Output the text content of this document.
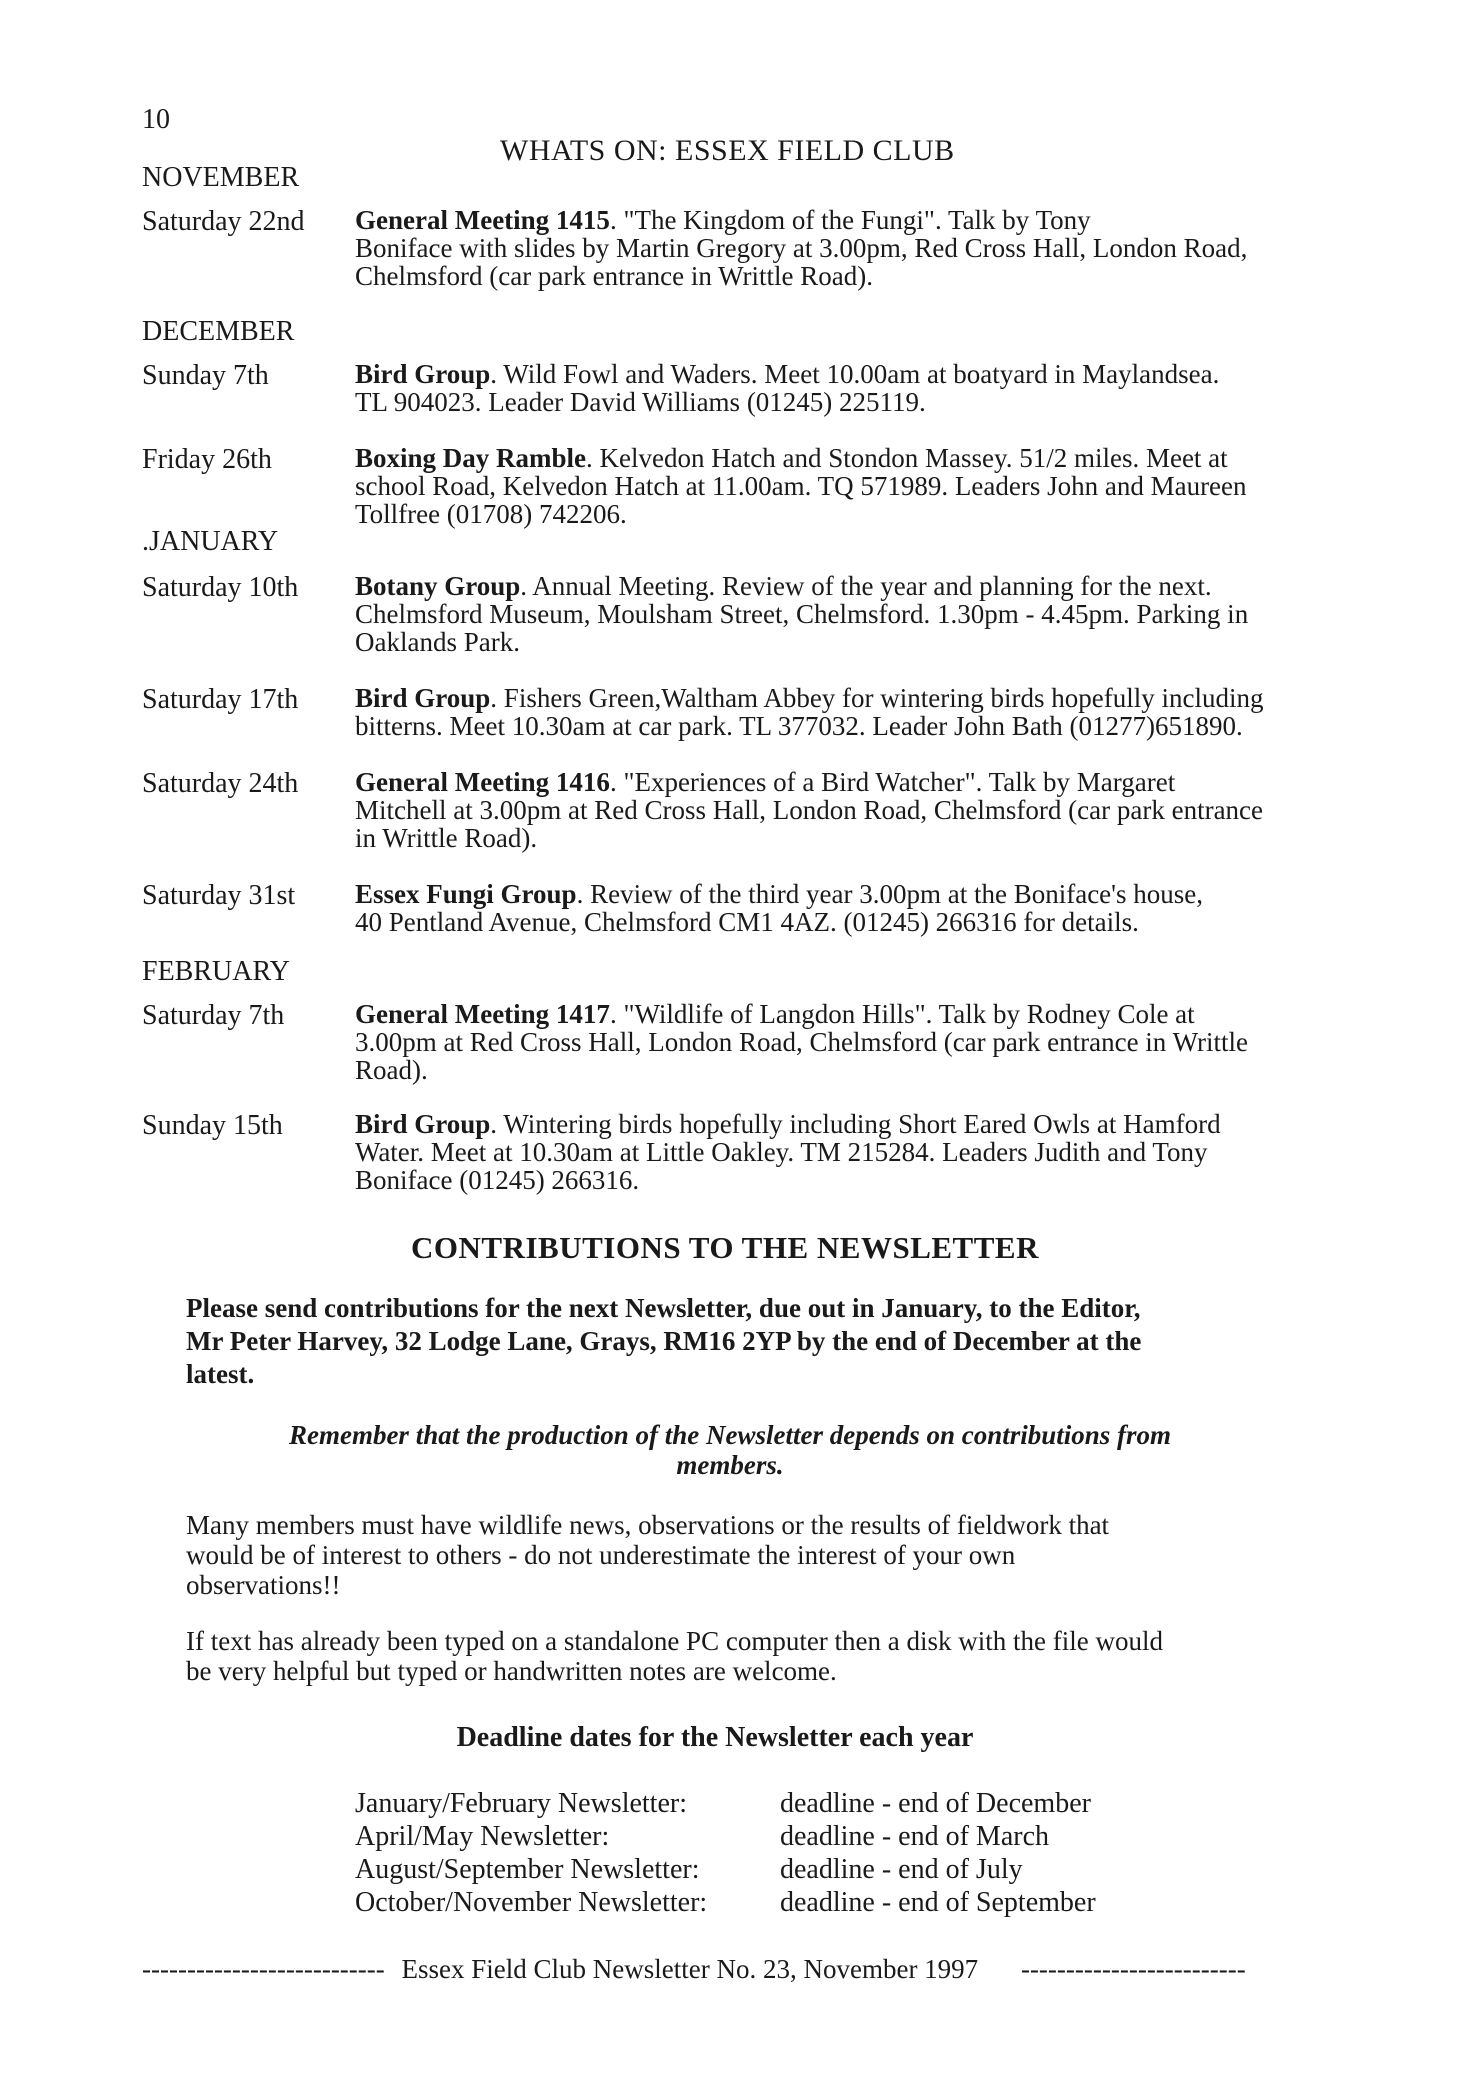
10
WHATS ON: ESSEX FIELD CLUB
NOVEMBER
DECEMBER
.JANUARY
FEBRUARY
Saturday 22nd General Meeting 1415. "The Kingdom of the Fungi". Talk by Tony
Boniface with slides by Martin Gregory at 3.00pm, Red Cross Hall, London Road,
Chelmsford (car park entrance in Writtle Road).
Sunday 7th	Bird Group. Wild Fowl and Waders. Meet 10.00am at boatyard in Maylandsea.
TL 904023. Leader David Williams (01245) 225119.
Friday 26th	Boxing Day Ramble. Kelvedon Hatch and Stondon Massey. 51/2 miles. Meet at
school Road, Kelvedon Hatch at 11.00am. TQ 571989. Leaders John and Maureen
Tollfree (01708) 742206.
Saturday 10th Botany Group. Annual Meeting. Review of the year and planning for the next.
Chelmsford Museum, Moulsham Street, Chelmsford. 1.30pm - 4.45pm. Parking in
Oaklands Park.
Saturday 17th Bird Group. Fishers Green,Waltham Abbey for wintering birds hopefully including
bitterns. Meet 10.30am at car park. TL 377032. Leader John Bath (01277)651890.
Saturday 24th General Meeting 1416. "Experiences of a Bird Watcher". Talk by Margaret
Mitchell at 3.00pm at Red Cross Hall, London Road, Chelmsford (car park entrance
in Writtle Road).
Saturday 31st Essex Fungi Group. Review of the third year 3.00pm at the Boniface's house,
40 Pentland Avenue, Chelmsford CM1 4AZ. (01245) 266316 for details.
Saturday 7th	General Meeting 1417. "Wildlife of Langdon Hills". Talk by Rodney Cole at
3.00pm at Red Cross Hall, London Road, Chelmsford (car park entrance in Writtle
Road).
Sunday 15th	Bird Group. Wintering birds hopefully including Short Eared Owls at Hamford
Water. Meet at 10.30am at Little Oakley. TM 215284. Leaders Judith and Tony
Boniface (01245) 266316.
CONTRIBUTIONS TO THE NEWSLETTER
Please send contributions for the next Newsletter, due out in January, to the Editor,
Mr Peter Harvey, 32 Lodge Lane, Grays, RM16 2YP by the end of December at the
latest.
Remember that the production of the Newsletter depends on contributions from
members.
Many members must have wildlife news, observations or the results of fieldwork that
would be of interest to others - do not underestimate the interest of your own
observations!!
If text has already been typed on a standalone PC computer then a disk with the file would
be very helpful but typed or handwritten notes are welcome.
Deadline dates for the Newsletter each year
January/February Newsletter:	deadline - end of December
April/May Newsletter:	deadline - end of March
August/September Newsletter:	deadline - end of July
October/November Newsletter:	deadline - end of September
--------------------------- Essex Field Club Newsletter No. 23, November 1997 -------------------------
